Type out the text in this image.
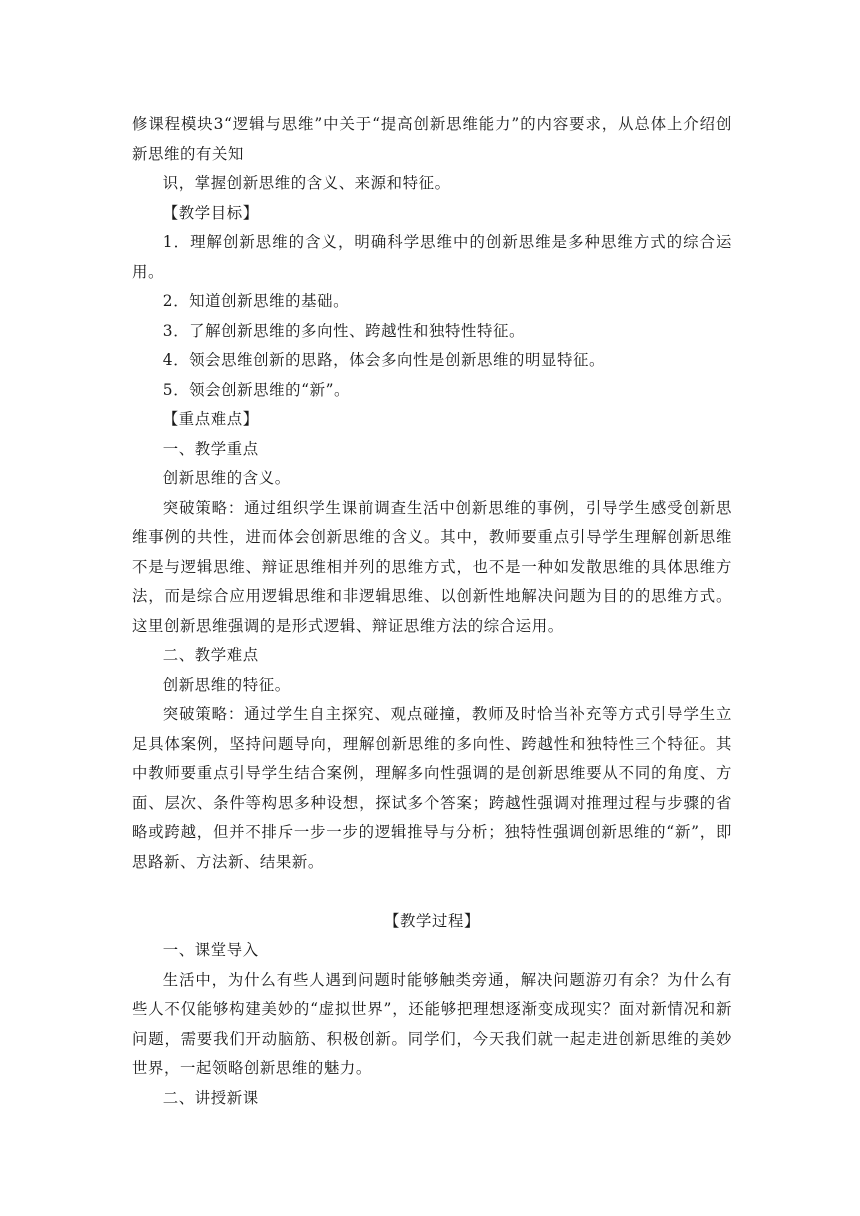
修课程模块3“逻辑与思维”中关于“提高创新思维能力”的内容要求，从总体上介绍创新思维的有关知

识，掌握创新思维的含义、来源和特征。

【教学目标】

1．理解创新思维的含义，明确科学思维中的创新思维是多种思维方式的综合运用。

2．知道创新思维的基础。

3．了解创新思维的多向性、跨越性和独特性特征。

4．领会思维创新的思路，体会多向性是创新思维的明显特征。

5．领会创新思维的“新”。

【重点难点】

一、教学重点

创新思维的含义。

突破策略：通过组织学生课前调查生活中创新思维的事例，引导学生感受创新思维事例的共性，进而体会创新思维的含义。其中，教师要重点引导学生理解创新思维不是与逻辑思维、辩证思维相并列的思维方式，也不是一种如发散思维的具体思维方法，而是综合应用逻辑思维和非逻辑思维、以创新性地解决问题为目的的思维方式。这里创新思维强调的是形式逻辑、辩证思维方法的综合运用。

二、教学难点

创新思维的特征。

突破策略：通过学生自主探究、观点碰撞，教师及时恰当补充等方式引导学生立足具体案例，坚持问题导向，理解创新思维的多向性、跨越性和独特性三个特征。其中教师要重点引导学生结合案例，理解多向性强调的是创新思维要从不同的角度、方面、层次、条件等构思多种设想，探试多个答案；跨越性强调对推理过程与步骤的省略或跨越，但并不排斥一步一步的逻辑推导与分析；独特性强调创新思维的“新”，即思路新、方法新、结果新。

【教学过程】

一、课堂导入

生活中，为什么有些人遇到问题时能够触类旁通，解决问题游刃有余？为什么有些人不仅能够构建美妙的“虚拟世界”，还能够把理想逐渐变成现实？面对新情况和新问题，需要我们开动脑筋、积极创新。同学们，今天我们就一起走进创新思维的美妙世界，一起领略创新思维的魅力。

二、讲授新课
